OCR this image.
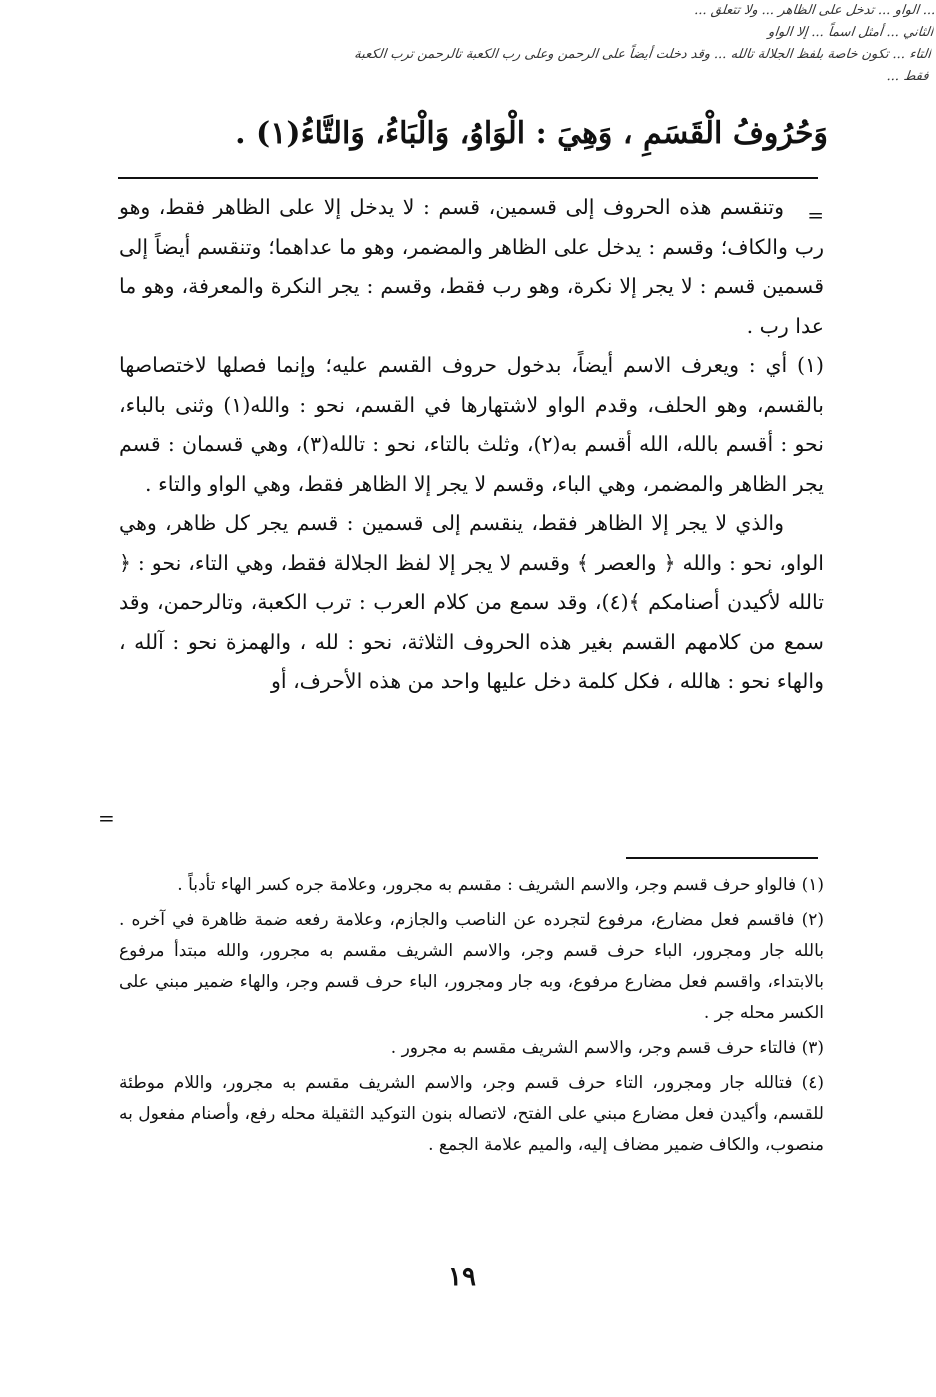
... الواو ... تدخل على الظاهر ... ولا تتعلق ...
الثاني ... أمثل اسماً ... إلا الواو
التاء ... تكون خاصة بلفظ الجلالة تالله ... وقد دخلت أيضاً على الرحمن وعلى رب الكعبة تالرحمن ترب الكعبة
فقط ...
وَحُرُوفُ الْقَسَمِ ، وَهِيَ : الْوَاوُ، وَالْبَاءُ، وَالتَّاءُ(١) .
=

وتنقسم هذه الحروف إلى قسمين، قسم : لا يدخل إلا على الظاهر فقط، وهو رب والكاف؛ وقسم : يدخل على الظاهر والمضمر، وهو ما عداهما؛ وتنقسم أيضاً إلى قسمين قسم : لا يجر إلا نكرة، وهو رب فقط، وقسم : يجر النكرة والمعرفة، وهو ما عدا رب .

(١) أي : ويعرف الاسم أيضاً، بدخول حروف القسم عليه؛ وإنما فصلها لاختصاصها بالقسم، وهو الحلف، وقدم الواو لاشتهارها في القسم، نحو : والله(١) وثنى بالباء، نحو : أقسم بالله، الله أقسم به(٢)، وثلث بالتاء، نحو : تالله(٣)، وهي قسمان : قسم يجر الظاهر والمضمر، وهي الباء، وقسم لا يجر إلا الظاهر فقط، وهي الواو والتاء .

والذي لا يجر إلا الظاهر فقط، ينقسم إلى قسمين : قسم يجر كل ظاهر، وهي الواو، نحو : والله ﴿ والعصر ﴾ وقسم لا يجر إلا لفظ الجلالة فقط، وهي التاء، نحو : ﴿ تالله لأكيدن أصنامكم ﴾(٤)، وقد سمع من كلام العرب : ترب الكعبة، وتالرحمن، وقد سمع من كلامهم القسم بغير هذه الحروف الثلاثة، نحو : لله ، والهمزة نحو : آلله ، والهاء نحو : هالله ، فكل كلمة دخل عليها واحد من هذه الأحرف، أو

=

(١) فالواو حرف قسم وجر، والاسم الشريف : مقسم به مجرور، وعلامة جره كسر الهاء تأدباً .

(٢) فاقسم فعل مضارع، مرفوع لتجرده عن الناصب والجازم، وعلامة رفعه ضمة ظاهرة في آخره . بالله جار ومجرور، الباء حرف قسم وجر، والاسم الشريف مقسم به مجرور، والله مبتدأ مرفوع بالابتداء، واقسم فعل مضارع مرفوع، وبه جار ومجرور، الباء حرف قسم وجر، والهاء ضمير مبني على الكسر محله جر .

(٣) فالتاء حرف قسم وجر، والاسم الشريف مقسم به مجرور .

(٤) فتالله جار ومجرور، التاء حرف قسم وجر، والاسم الشريف مقسم به مجرور، واللام موطئة للقسم، وأكيدن فعل مضارع مبني على الفتح، لاتصاله بنون التوكيد الثقيلة محله رفع، وأصنام مفعول به منصوب، والكاف ضمير مضاف إليه، والميم علامة الجمع .

١٩
